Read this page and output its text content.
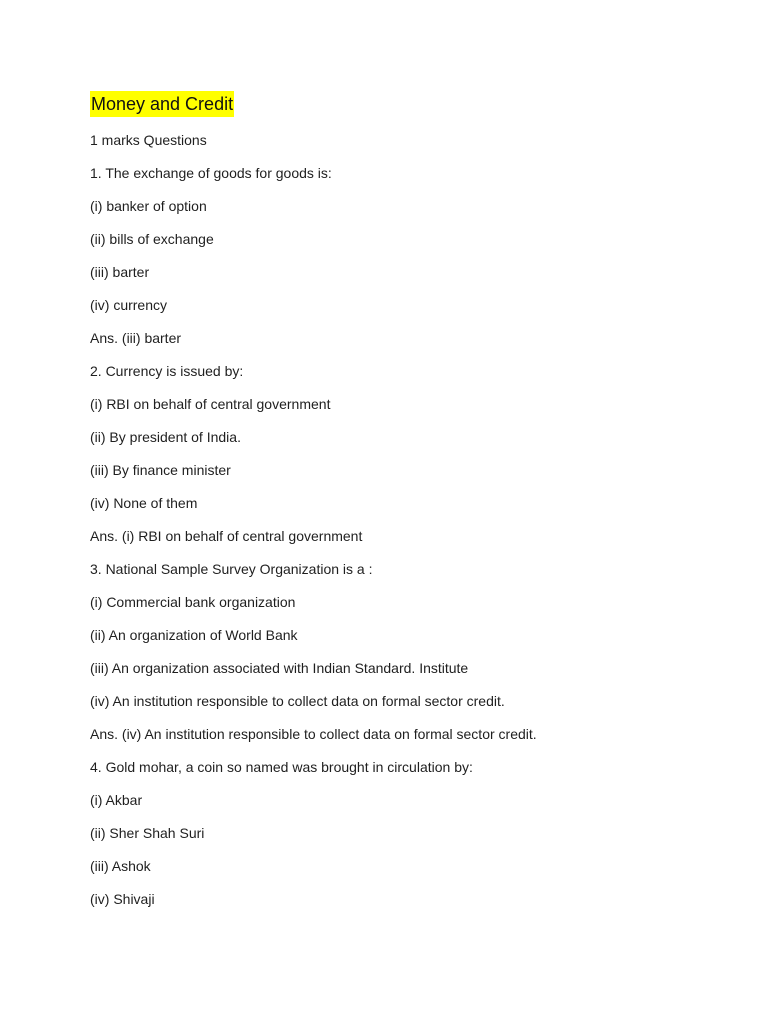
Money and Credit
1 marks Questions
1. The exchange of goods for goods is:
(i) banker of option
(ii) bills of exchange
(iii) barter
(iv) currency
Ans. (iii) barter
2. Currency is issued by:
(i) RBI on behalf of central government
(ii) By president of India.
(iii) By finance minister
(iv) None of them
Ans. (i) RBI on behalf of central government
3. National Sample Survey Organization is a :
(i) Commercial bank organization
(ii) An organization of World Bank
(iii) An organization associated with Indian Standard. Institute
(iv) An institution responsible to collect data on formal sector credit.
Ans. (iv) An institution responsible to collect data on formal sector credit.
4. Gold mohar, a coin so named was brought in circulation by:
(i) Akbar
(ii) Sher Shah Suri
(iii) Ashok
(iv) Shivaji
